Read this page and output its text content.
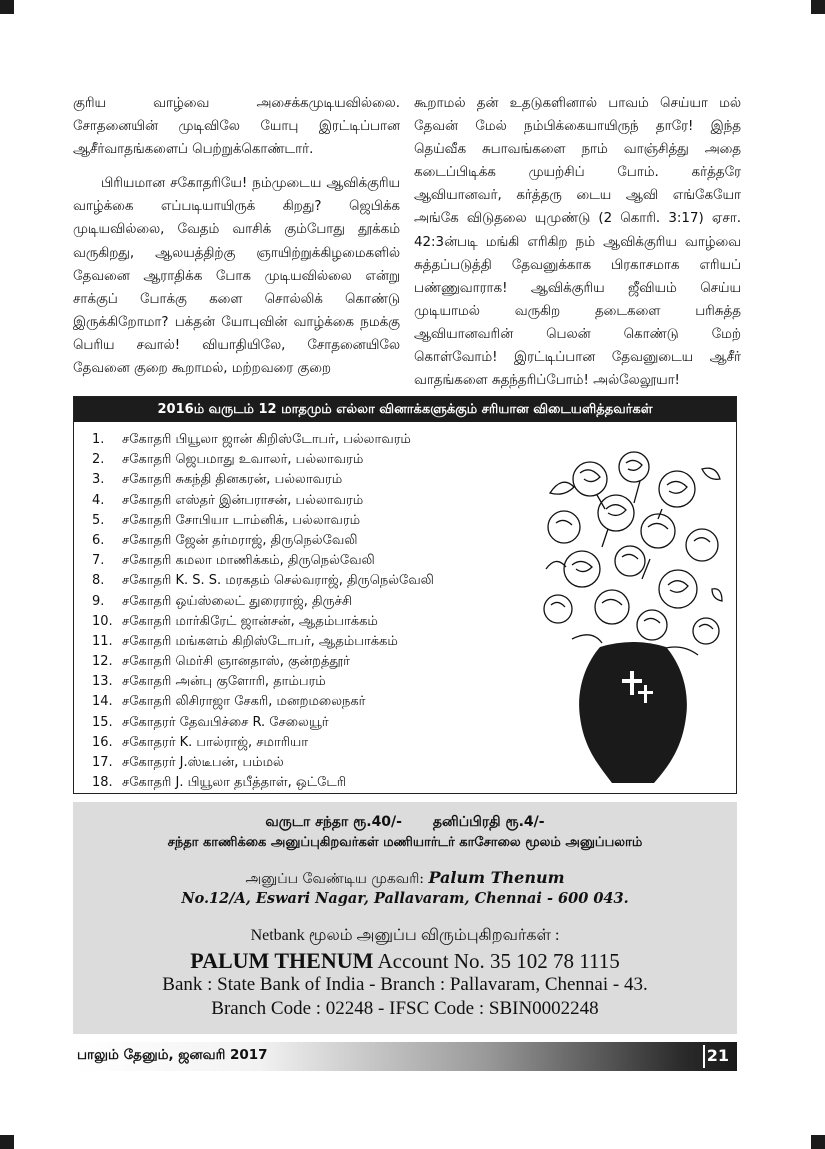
குரிய வாழ்வை அசைக்கமுடியவில்லை. சோதனையின் முடிவிலே யோபு இரட்டிப்பான ஆசீர்வாதங்களைப் பெற்றுக்கொண்டார்.

பிரியமான சகோதரியே! நம்முடைய ஆவிக்குரிய வாழ்க்கை எப்படியாயிருக் கிறது? ஜெபிக்க முடியவில்லை, வேதம் வாசிக் கும்போது தூக்கம் வருகிறது, ஆலயத்திற்கு ஞாயிற்றுக்கிழமைகளில் தேவனை ஆராதிக்க போக முடியவில்லை என்று சாக்குப் போக்கு களை சொல்லிக் கொண்டு இருக்கிறோமா? பக்தன் யோபுவின் வாழ்க்கை நமக்கு பெரிய சவால்! வியாதியிலே, சோதனையிலே தேவனை குறை கூறாமல், மற்றவரை குறை

கூறாமல் தன் உதடுகளினால் பாவம் செய்யா மல் தேவன் மேல் நம்பிக்கையாயிருந் தாரே! இந்த தெய்வீக சுபாவங்களை நாம் வாஞ்சித்து அதை கடைப்பிடிக்க முயற்சிப் போம். கர்த்தரே ஆவியானவர், கர்த்தரு டைய ஆவி எங்கேயோ அங்கே விடுதலை யுமுண்டு (2 கொரி. 3:17) ஏசா. 42:3ன்படி மங்கி எரிகிற நம் ஆவிக்குரிய வாழ்வை சுத்தப்படுத்தி தேவனுக்காக பிரகாசமாக எரியப் பண்ணுவாராக! ஆவிக்குரிய ஜீவியம் செய்ய முடியாமல் வருகிற தடைகளை பரிசுத்த ஆவியானவரின் பெலன் கொண்டு மேற் கொள்வோம்! இரட்டிப்பான தேவனுடைய ஆசீர் வாதங்களை சுதந்தரிப்போம்! அல்லேலூயா!

2016ம் வருடம் 12 மாதமும் எல்லா வினாக்களுக்கும் சரியான விடையளித்தவர்கள்
1. சகோதரி பியூலா ஜான் கிறிஸ்டோபர், பல்லாவரம்
2. சகோதரி ஜெபமாது உவாலர், பல்லாவரம்
3. சகோதரி சுகந்தி தினகரன், பல்லாவரம்
4. சகோதரி எஸ்தர் இன்பராசன், பல்லாவரம்
5. சகோதரி சோபியா டாம்னிக், பல்லாவரம்
6. சகோதரி ஜேன் தர்மராஜ், திருநெல்வேலி
7. சகோதரி கமலா மாணிக்கம், திருநெல்வேலி
8. சகோதரி K. S. S. மரகதம் செல்வராஜ், திருநெல்வேலி
9. சகோதரி ஒய்ஸ்லைட் துரைராஜ், திருச்சி
10. சகோதரி மார்கிரேட் ஜான்சன், ஆதம்பாக்கம்
11. சகோதரி மங்களம் கிறிஸ்டோபர், ஆதம்பாக்கம்
12. சகோதரி மெர்சி ஞானதாஸ், குன்றத்தூர்
13. சகோதரி அன்பு குளோரி, தாம்பரம்
14. சகோதரி லிசிராஜா சேகரி, மனறமலைநகர்
15. சகோதரர் தேவபிச்சை R. சேலையூர்
16. சகோதரர் K. பால்ராஜ், சமாரியா
17. சகோதரர் J.ஸ்டீபன், பம்மல்
18. சகோதரி J. பியூலா தபீத்தாள், ஒட்டேரி
வருடா சந்தா ரூ.40/- தனிப்பிரதி ரூ.4/-
சந்தா காணிக்கை அனுப்புகிறவர்கள் மணியார்டர் காசோலை மூலம் அனுப்பலாம்
அனுப்ப வேண்டிய முகவரி: Palum Thenum
No.12/A, Eswari Nagar, Pallavaram, Chennai - 600 043.
Netbank மூலம் அனுப்ப விரும்புகிறவர்கள் :
PALUM THENUM Account No. 35 102 78 1115
Bank : State Bank of India - Branch : Pallavaram, Chennai - 43.
Branch Code : 02248 - IFSC Code : SBIN0002248
பாலும் தேனும், ஜனவரி 2017	21
